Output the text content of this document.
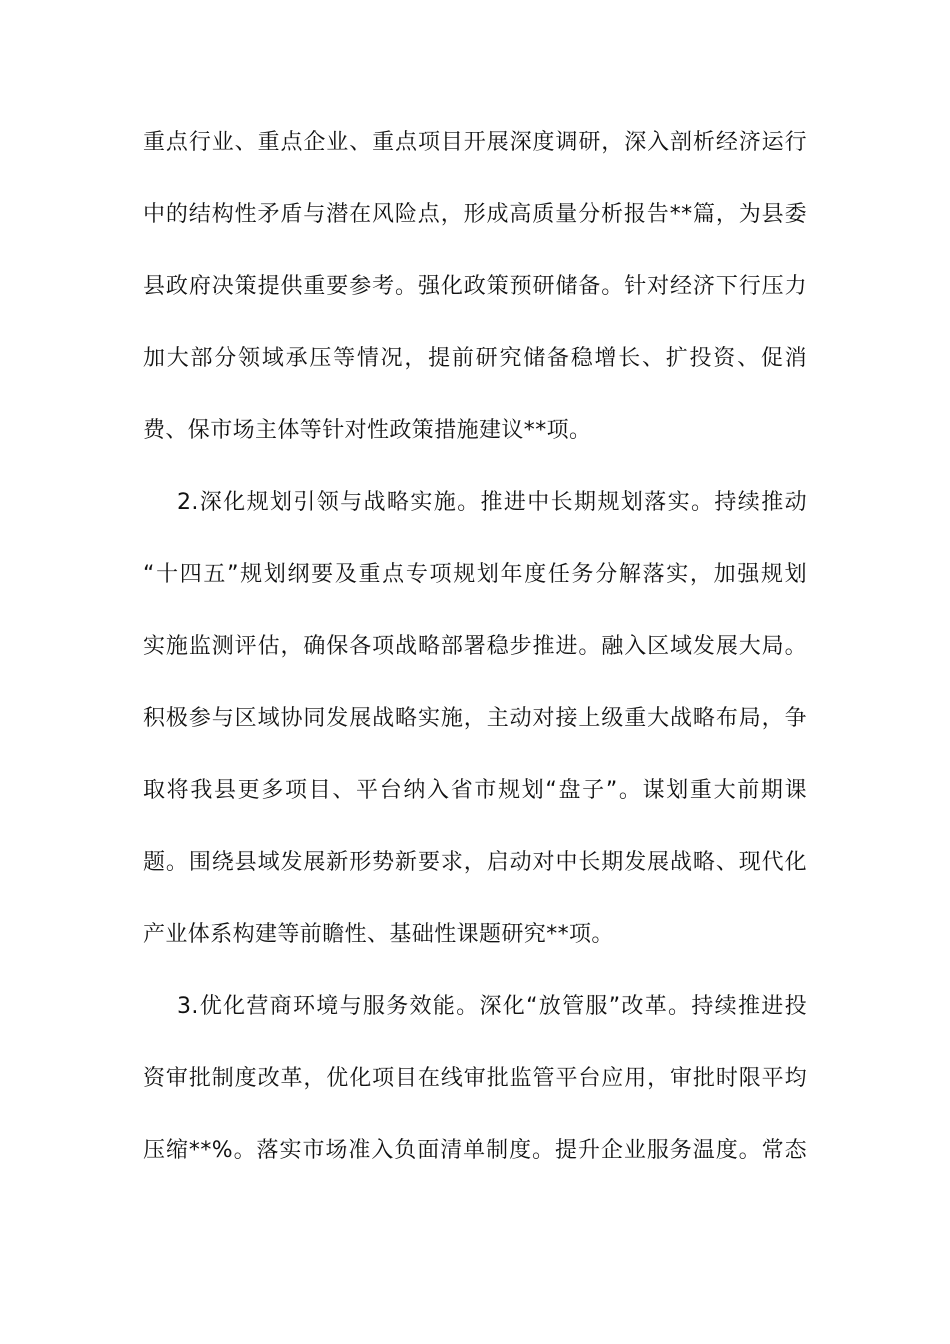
重点行业、重点企业、重点项目开展深度调研，深入剖析经济运行
中的结构性矛盾与潜在风险点，形成高质量分析报告**篇，为县委
县政府决策提供重要参考。强化政策预研储备。针对经济下行压力
加大部分领域承压等情况，提前研究储备稳增长、扩投资、促消
费、保市场主体等针对性政策措施建议**项。
2.深化规划引领与战略实施。推进中长期规划落实。持续推动
“十四五”规划纲要及重点专项规划年度任务分解落实，加强规划
实施监测评估，确保各项战略部署稳步推进。融入区域发展大局。
积极参与区域协同发展战略实施，主动对接上级重大战略布局，争
取将我县更多项目、平台纳入省市规划“盘子”。谋划重大前期课
题。围绕县域发展新形势新要求，启动对中长期发展战略、现代化
产业体系构建等前瞻性、基础性课题研究**项。
3.优化营商环境与服务效能。深化“放管服”改革。持续推进投
资审批制度改革，优化项目在线审批监管平台应用，审批时限平均
压缩**%。落实市场准入负面清单制度。提升企业服务温度。常态
